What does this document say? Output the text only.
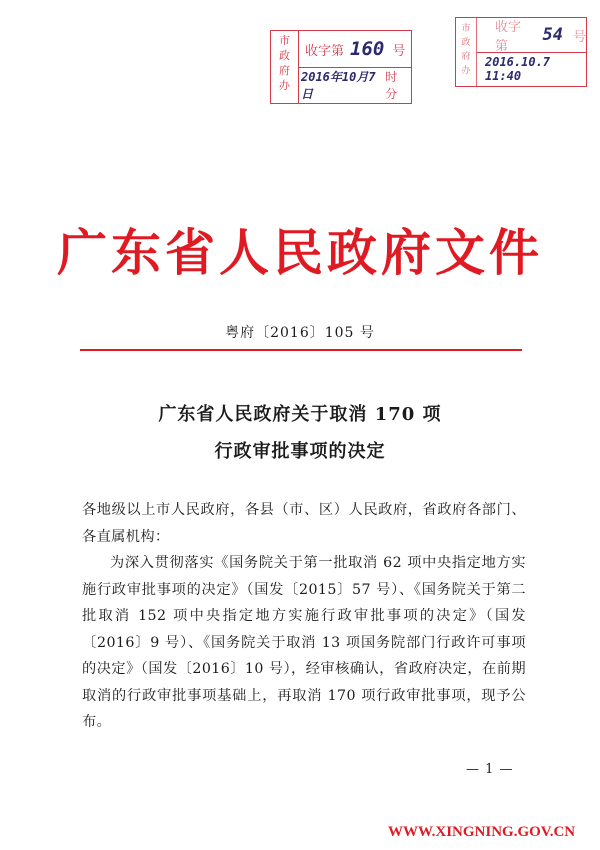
市
政
府
办
收字第 160 号
2016年10月7日
时 分
市
政
府
办
收字第
54 号
2016.10.7 11:40
广东省人民政府文件
粤府〔2016〕105 号
广东省人民政府关于取消 170 项
行政审批事项的决定

各地级以上市人民政府，各县（市、区）人民政府，省政府各部门、各直属机构：

为深入贯彻落实《国务院关于第一批取消 62 项中央指定地方实施行政审批事项的决定》（国发〔2015〕57 号）、《国务院关于第二批取消 152 项中央指定地方实施行政审批事项的决定》（国发〔2016〕9 号）、《国务院关于取消 13 项国务院部门行政许可事项的决定》（国发〔2016〕10 号），经审核确认，省政府决定，在前期取消的行政审批事项基础上，再取消 170 项行政审批事项，现予公布。

— 1 —
WWW.XINGNING.GOV.CN
